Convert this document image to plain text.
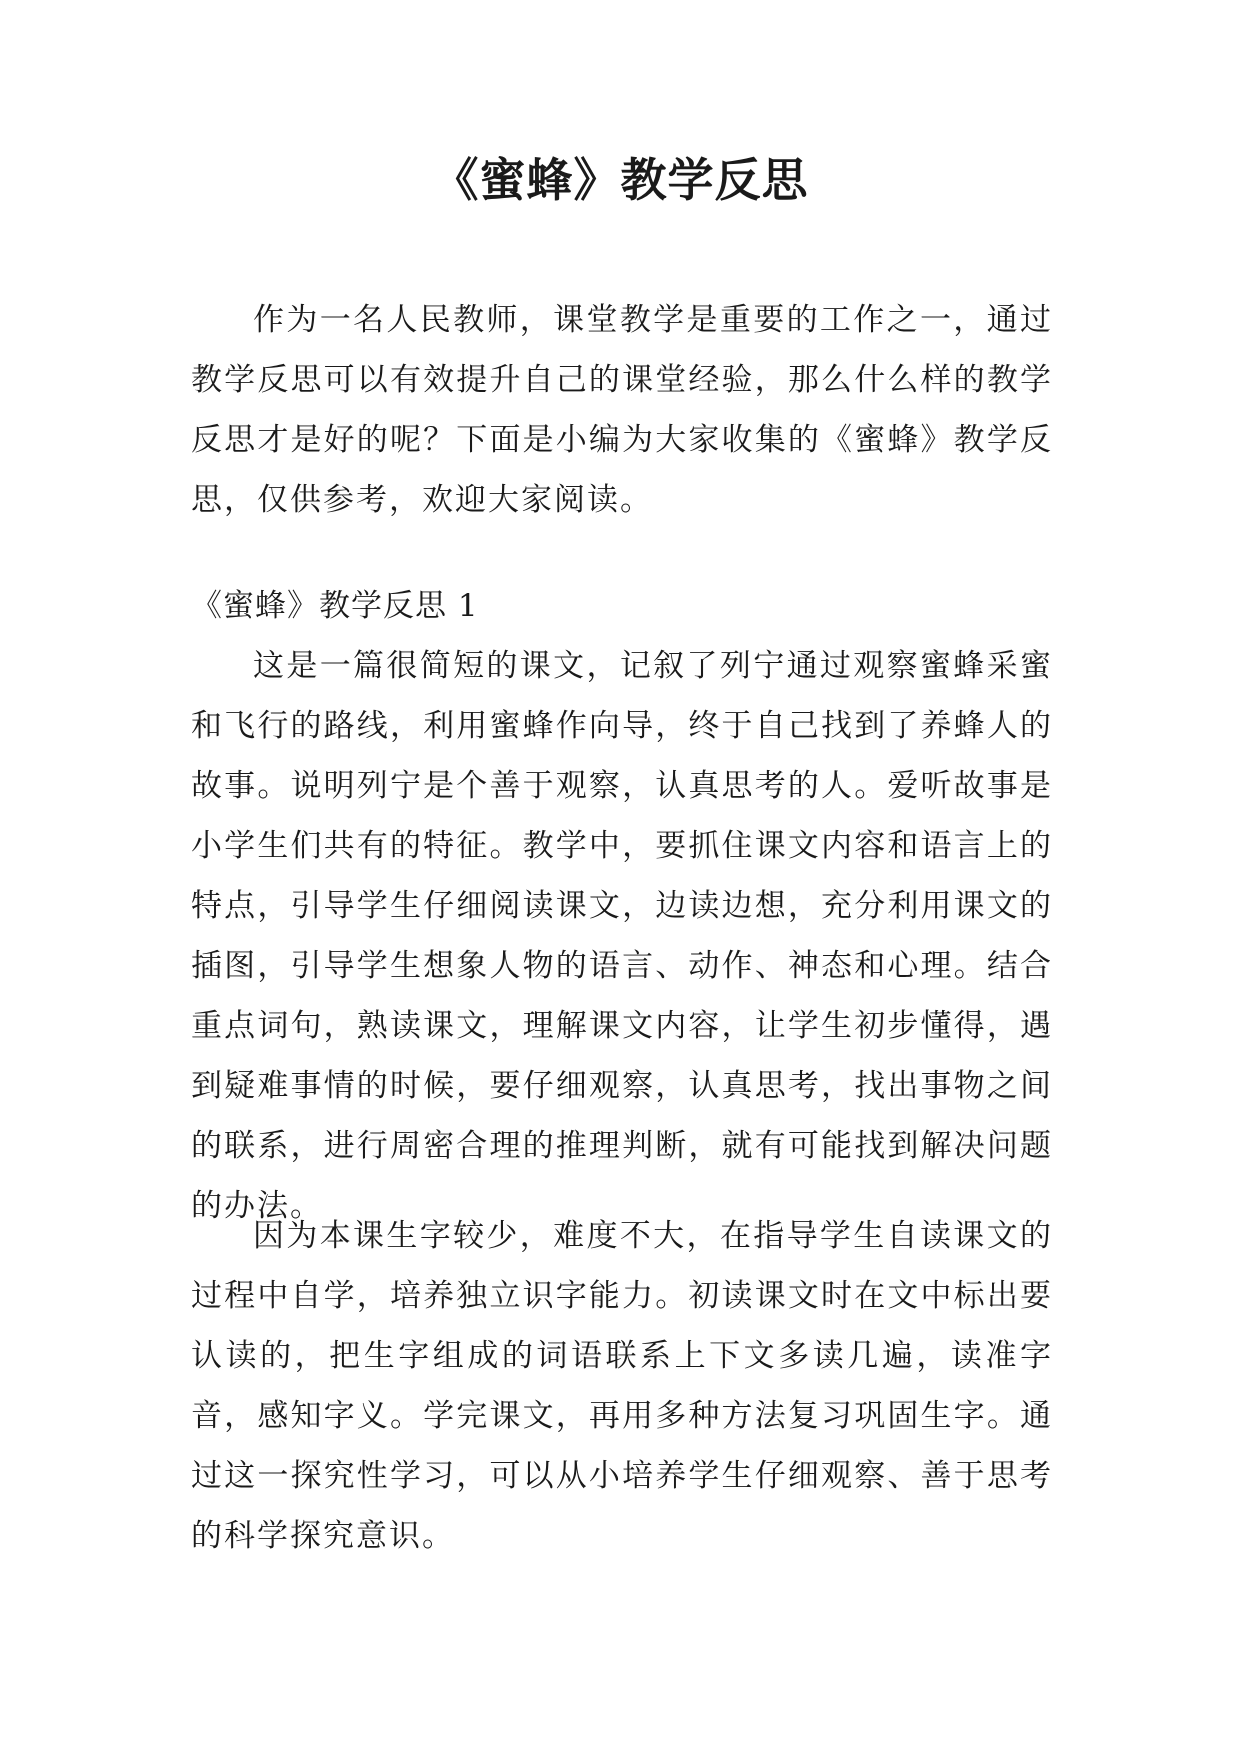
《蜜蜂》教学反思

作为一名人民教师，课堂教学是重要的工作之一，通过教学反思可以有效提升自己的课堂经验，那么什么样的教学反思才是好的呢？下面是小编为大家收集的《蜜蜂》教学反思，仅供参考，欢迎大家阅读。

《蜜蜂》教学反思 1

这是一篇很简短的课文，记叙了列宁通过观察蜜蜂采蜜和飞行的路线，利用蜜蜂作向导，终于自己找到了养蜂人的故事。说明列宁是个善于观察，认真思考的人。爱听故事是小学生们共有的特征。教学中，要抓住课文内容和语言上的特点，引导学生仔细阅读课文，边读边想，充分利用课文的插图，引导学生想象人物的语言、动作、神态和心理。结合重点词句，熟读课文，理解课文内容，让学生初步懂得，遇到疑难事情的时候，要仔细观察，认真思考，找出事物之间的联系，进行周密合理的推理判断，就有可能找到解决问题的办法。

因为本课生字较少，难度不大，在指导学生自读课文的过程中自学，培养独立识字能力。初读课文时在文中标出要认读的，把生字组成的词语联系上下文多读几遍，读准字音，感知字义。学完课文，再用多种方法复习巩固生字。通过这一探究性学习，可以从小培养学生仔细观察、善于思考的科学探究意识。
